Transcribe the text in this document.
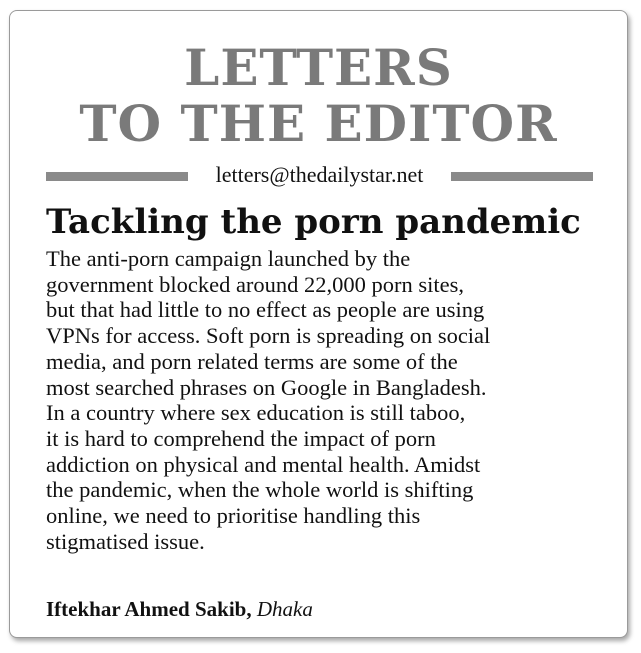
LETTERS
TO THE EDITOR
letters@thedailystar.net
Tackling the porn pandemic
The anti-porn campaign launched by the
government blocked around 22,000 porn sites,
but that had little to no effect as people are using
VPNs for access. Soft porn is spreading on social
media, and porn related terms are some of the
most searched phrases on Google in Bangladesh.
In a country where sex education is still taboo,
it is hard to comprehend the impact of porn
addiction on physical and mental health. Amidst
the pandemic, when the whole world is shifting
online, we need to prioritise handling this
stigmatised issue.
Iftekhar Ahmed Sakib, Dhaka
